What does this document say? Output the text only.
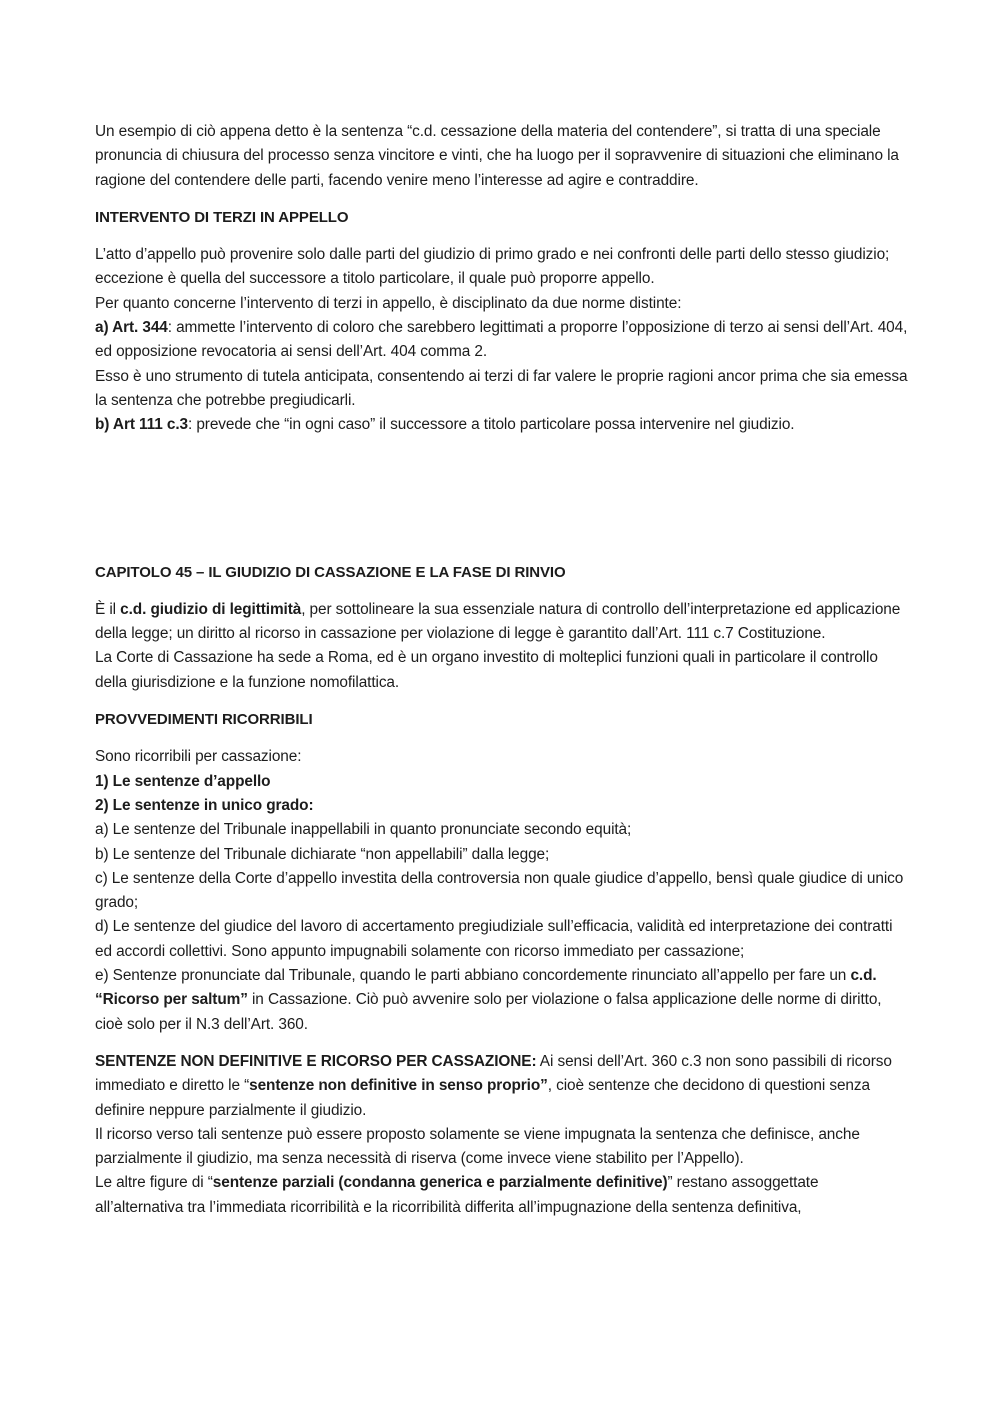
Un esempio di ciò appena detto è la sentenza “c.d. cessazione della materia del contendere”, si tratta di una speciale pronuncia di chiusura del processo senza vincitore e vinti, che ha luogo per il sopravvenire di situazioni che eliminano la ragione del contendere delle parti, facendo venire meno l’interesse ad agire e contraddire.

INTERVENTO DI TERZI IN APPELLO

L’atto d’appello può provenire solo dalle parti del giudizio di primo grado e nei confronti delle parti dello stesso giudizio; eccezione è quella del successore a titolo particolare, il quale può proporre appello.

Per quanto concerne l’intervento di terzi in appello, è disciplinato da due norme distinte:

a) Art. 344: ammette l’intervento di coloro che sarebbero legittimati a proporre l’opposizione di terzo ai sensi dell’Art. 404, ed opposizione revocatoria ai sensi dell’Art. 404 comma 2.

Esso è uno strumento di tutela anticipata, consentendo ai terzi di far valere le proprie ragioni ancor prima che sia emessa la sentenza che potrebbe pregiudicarli.

b) Art 111 c.3: prevede che “in ogni caso” il successore a titolo particolare possa intervenire nel giudizio.

CAPITOLO 45 – IL GIUDIZIO DI CASSAZIONE E LA FASE DI RINVIO

È il c.d. giudizio di legittimità, per sottolineare la sua essenziale natura di controllo dell’interpretazione ed applicazione della legge; un diritto al ricorso in cassazione per violazione di legge è garantito dall’Art. 111 c.7 Costituzione.

La Corte di Cassazione ha sede a Roma, ed è un organo investito di molteplici funzioni quali in particolare il controllo della giurisdizione e la funzione nomofilattica.

PROVVEDIMENTI RICORRIBILI

Sono ricorribili per cassazione:

1) Le sentenze d’appello

2) Le sentenze in unico grado:

a) Le sentenze del Tribunale inappellabili in quanto pronunciate secondo equità;

b) Le sentenze del Tribunale dichiarate “non appellabili” dalla legge;

c) Le sentenze della Corte d’appello investita della controversia non quale giudice d’appello, bensì quale giudice di unico grado;

d) Le sentenze del giudice del lavoro di accertamento pregiudiziale sull’efficacia, validità ed interpretazione dei contratti ed accordi collettivi. Sono appunto impugnabili solamente con ricorso immediato per cassazione;

e) Sentenze pronunciate dal Tribunale, quando le parti abbiano concordemente rinunciato all’appello per fare un c.d. “Ricorso per saltum” in Cassazione. Ciò può avvenire solo per violazione o falsa applicazione delle norme di diritto, cioè solo per il N.3 dell’Art. 360.

SENTENZE NON DEFINITIVE E RICORSO PER CASSAZIONE: Ai sensi dell’Art. 360 c.3 non sono passibili di ricorso immediato e diretto le “sentenze non definitive in senso proprio”, cioè sentenze che decidono di questioni senza definire neppure parzialmente il giudizio.

Il ricorso verso tali sentenze può essere proposto solamente se viene impugnata la sentenza che definisce, anche parzialmente il giudizio, ma senza necessità di riserva (come invece viene stabilito per l’Appello).

Le altre figure di “sentenze parziali (condanna generica e parzialmente definitive)” restano assoggettate all’alternativa tra l’immediata ricorribilità e la ricorribilità differita all’impugnazione della sentenza definitiva,
